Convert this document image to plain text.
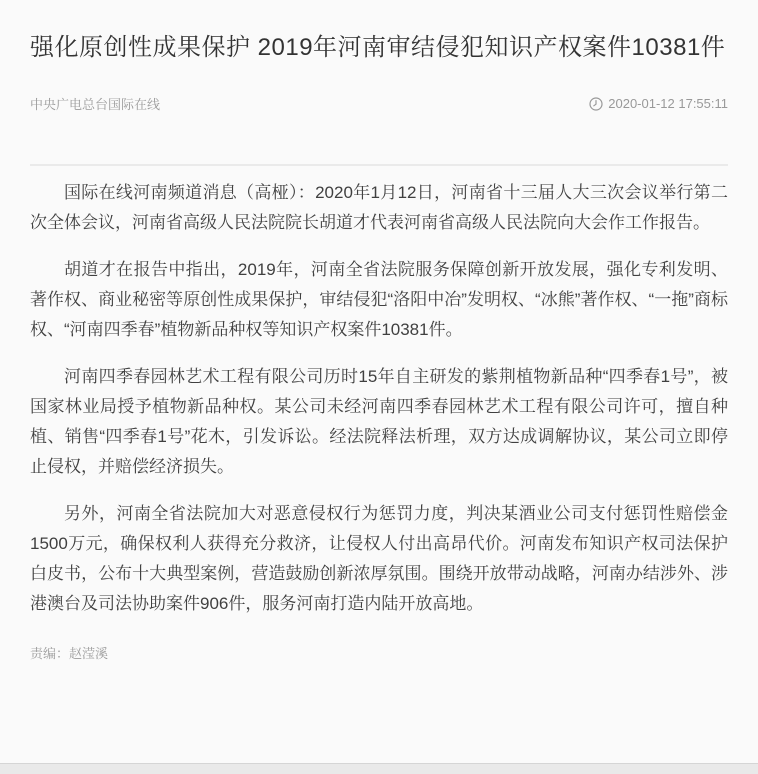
强化原创性成果保护 2019年河南审结侵犯知识产权案件10381件
中央广电总台国际在线	2020-01-12 17:55:11

国际在线河南频道消息（高桠）：2020年1月12日，河南省十三届人大三次会议举行第二次全体会议，河南省高级人民法院院长胡道才代表河南省高级人民法院向大会作工作报告。

胡道才在报告中指出，2019年，河南全省法院服务保障创新开放发展，强化专利发明、著作权、商业秘密等原创性成果保护，审结侵犯“洛阳中冶”发明权、“冰熊”著作权、“一拖”商标权、“河南四季春”植物新品种权等知识产权案件10381件。

河南四季春园林艺术工程有限公司历时15年自主研发的紫荆植物新品种“四季春1号”，被国家林业局授予植物新品种权。某公司未经河南四季春园林艺术工程有限公司许可，擅自种植、销售“四季春1号”花木，引发诉讼。经法院释法析理，双方达成调解协议，某公司立即停止侵权，并赔偿经济损失。

另外，河南全省法院加大对恶意侵权行为惩罚力度，判决某酒业公司支付惩罚性赔偿金1500万元，确保权利人获得充分救济，让侵权人付出高昂代价。河南发布知识产权司法保护白皮书，公布十大典型案例，营造鼓励创新浓厚氛围。围绕开放带动战略，河南办结涉外、涉港澳台及司法协助案件906件，服务河南打造内陆开放高地。

责编：赵滢溪
